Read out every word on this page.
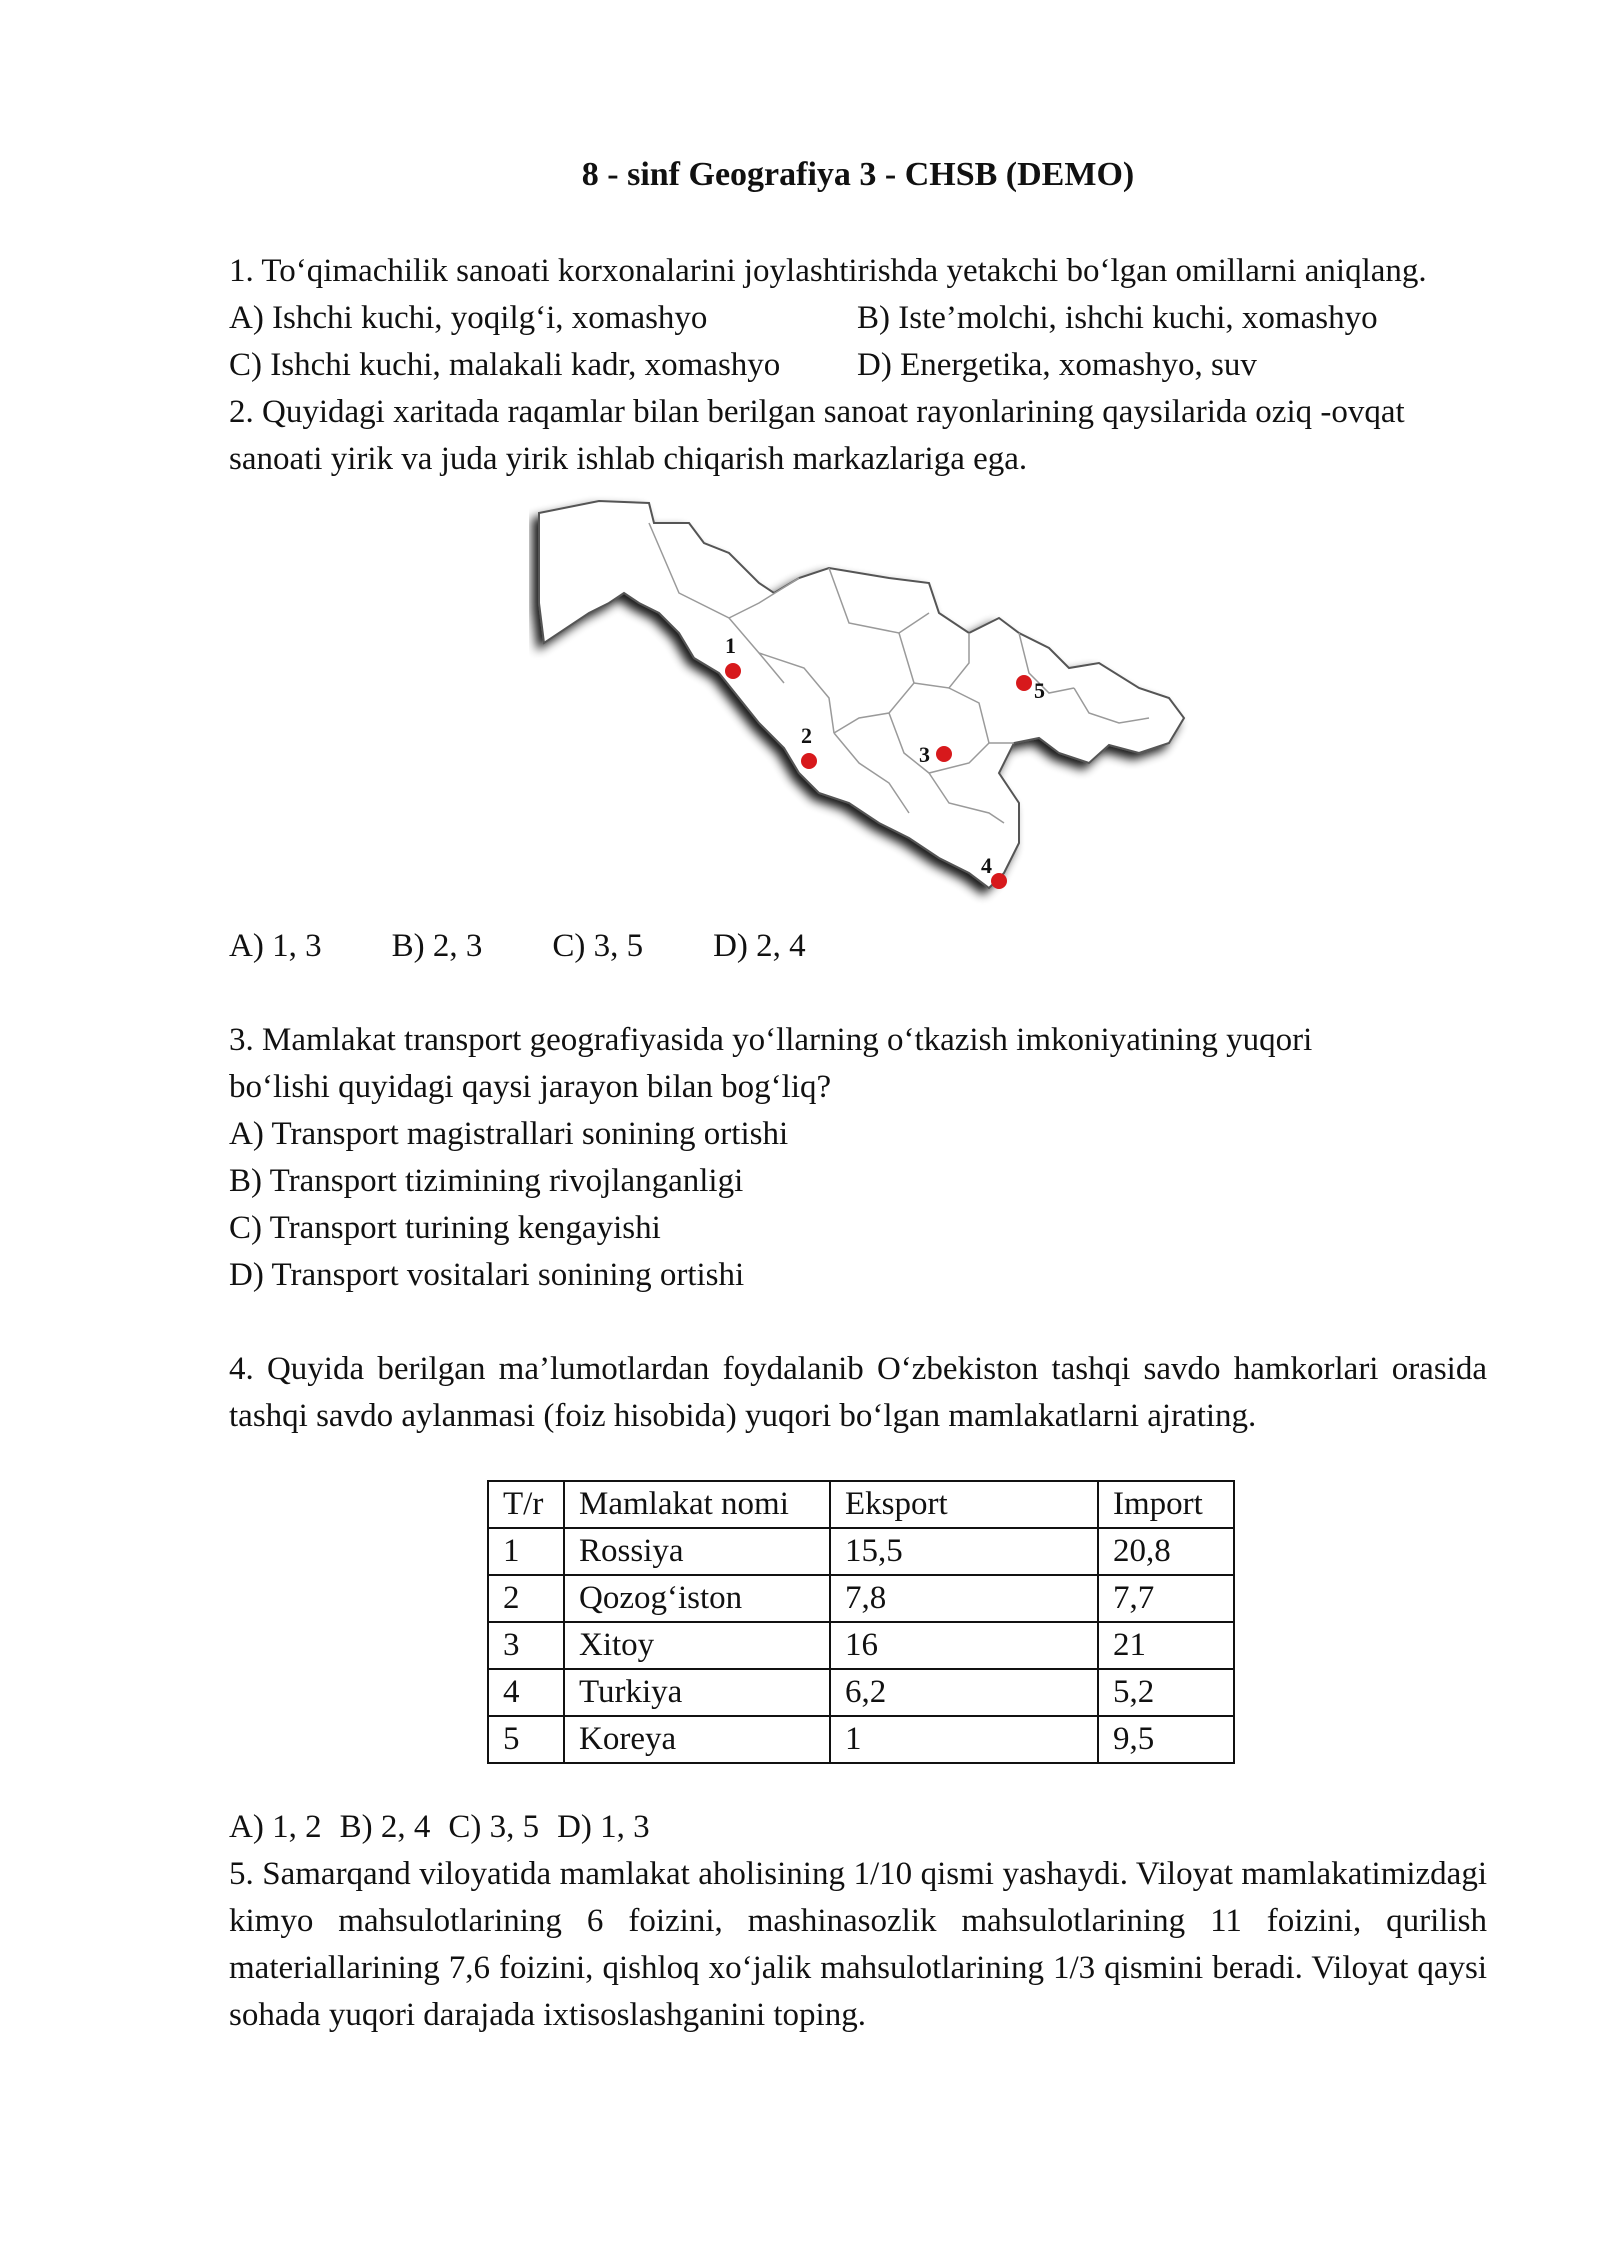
8 - sinf Geografiya 3 - CHSB (DEMO)

1. To‘qimachilik sanoati korxonalarini joylashtirishda yetakchi bo‘lgan omillarni aniqlang.

A) Ishchi kuchi, yoqilg‘i, xomashyo	B) Iste’molchi, ishchi kuchi, xomashyo
C) Ishchi kuchi, malakali kadr, xomashyo	D) Energetika, xomashyo, suv

2. Quyidagi xaritada raqamlar bilan berilgan sanoat rayonlarining qaysilarida oziq -ovqat sanoati yirik va juda yirik ishlab chiqarish markazlariga ega.

1
2
3
4
5
A) 1, 3 B) 2, 3 C) 3, 5 D) 2, 4

3. Mamlakat transport geografiyasida yo‘llarning o‘tkazish imkoniyatining yuqori bo‘lishi quyidagi qaysi jarayon bilan bog‘liq?

A) Transport magistrallari sonining ortishi

B) Transport tizimining rivojlanganligi

C) Transport turining kengayishi

D) Transport vositalari sonining ortishi

4. Quyida berilgan ma’lumotlardan foydalanib O‘zbekiston tashqi savdo hamkorlari orasida tashqi savdo aylanmasi (foiz hisobida) yuqori bo‘lgan mamlakatlarni ajrating.

T/r	Mamlakat nomi	Eksport	Import
1	Rossiya	15,5	20,8
2	Qozog‘iston	7,8	7,7
3	Xitoy	16	21
4	Turkiya	6,2	5,2
5	Koreya	1	9,5
A) 1, 2 B) 2, 4 C) 3, 5 D) 1, 3

5. Samarqand viloyatida mamlakat aholisining 1/10 qismi yashaydi. Viloyat mamlakatimizdagi kimyo mahsulotlarining 6 foizini, mashinasozlik mahsulotlarining 11 foizini, qurilish materiallarining 7,6 foizini, qishloq xo‘jalik mahsulotlarining 1/3 qismini beradi. Viloyat qaysi sohada yuqori darajada ixtisoslashganini toping.
